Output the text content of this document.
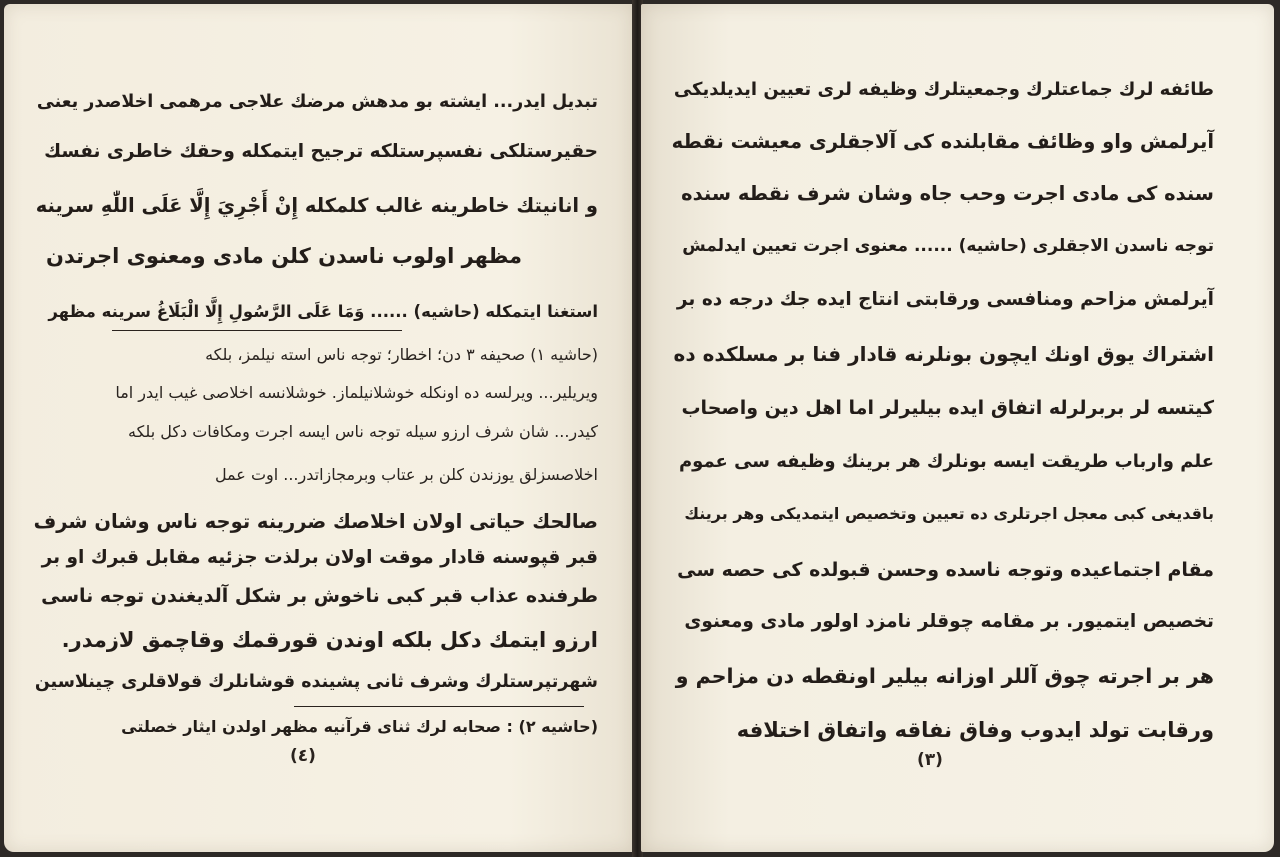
تبدیل ایدر... ایشته بو مدهش مرضك علاجی مرهمی اخلاصدر یعنی
حقیرستلكی نفسپرستلكه ترجیح ایتمكله وحقك خاطری نفسك
و انانیتك خاطرینه غالب كلمكله إِنْ أَجْرِيَ إِلَّا عَلَى اللّٰهِ سرینه
مظهر اولوب ناسدن كلن مادی ومعنوی اجرتدن
استغنا ایتمكله (حاشیه) ...... وَمَا عَلَى الرَّسُولِ إِلَّا الْبَلَاغُ سرینه مظهر
(حاشیه ۱) صحیفه ۳ دن؛ اخطار؛ توجه ناس استه نیلمز، بلكه
ویریلیر... ویرلسه ده اونكله خوشلانیلماز. خوشلانسه اخلاصی غیب ایدر اما
كیدر... شان شرف ارزو سیله توجه ناس ایسه اجرت ومكافات دكل بلكه
اخلاصسزلق یوزندن كلن بر عتاب وبرمجازاتدر... اوت عمل
صالحك حیاتی اولان اخلاصك ضررینه توجه ناس وشان شرف
قبر قپوسنه قادار موقت اولان برلذت جزئیه مقابل قبرك او بر
طرفنده عذاب قبر كبی ناخوش بر شكل آلدیغندن توجه ناسی
ارزو ایتمك دكل بلكه اوندن قورقمك وقاچمق لازمدر.
شهرتپرستلرك وشرف ثانی پشینده قوشانلرك قولاقلری چینلاسین
(حاشیه ۲) : صحابه لرك ثنای قرآنیه مظهر اولدن ایثار خصلتی
(٤)
طائفه لرك جماعتلرك وجمعیتلرك وظیفه لری تعیین ایدیلدیكی
آیرلمش واو وظائف مقابلنده كی آلاجقلری معیشت نقطه
سنده كی مادی اجرت وحب جاه وشان شرف نقطه سنده
توجه ناسدن الاجقلری (حاشیه) ...... معنوی اجرت تعیین ایدلمش
آیرلمش مزاحم ومنافسی ورقابتی انتاج ایده جك درجه ده بر
اشتراك یوق اونك ایچون بونلرنه قادار فنا بر مسلكده ده
كیتسه لر بربرلرله اتفاق ایده بیلیرلر اما اهل دین واصحاب
علم وارباب طریقت ایسه بونلرك هر برینك وظیفه سی عموم
باقدیغی كبی معجل اجرتلری ده تعیین وتخصیص ایتمدیكی وهر برینك
مقام اجتماعیده وتوجه ناسده وحسن قبولده كی حصه سی
تخصیص ایتمیور. بر مقامه چوقلر نامزد اولور مادی ومعنوی
هر بر اجرته چوق آللر اوزانه بیلیر اونقطه دن مزاحم و
ورقابت تولد ایدوب وفاق نفاقه واتفاق اختلافه
(٣)
